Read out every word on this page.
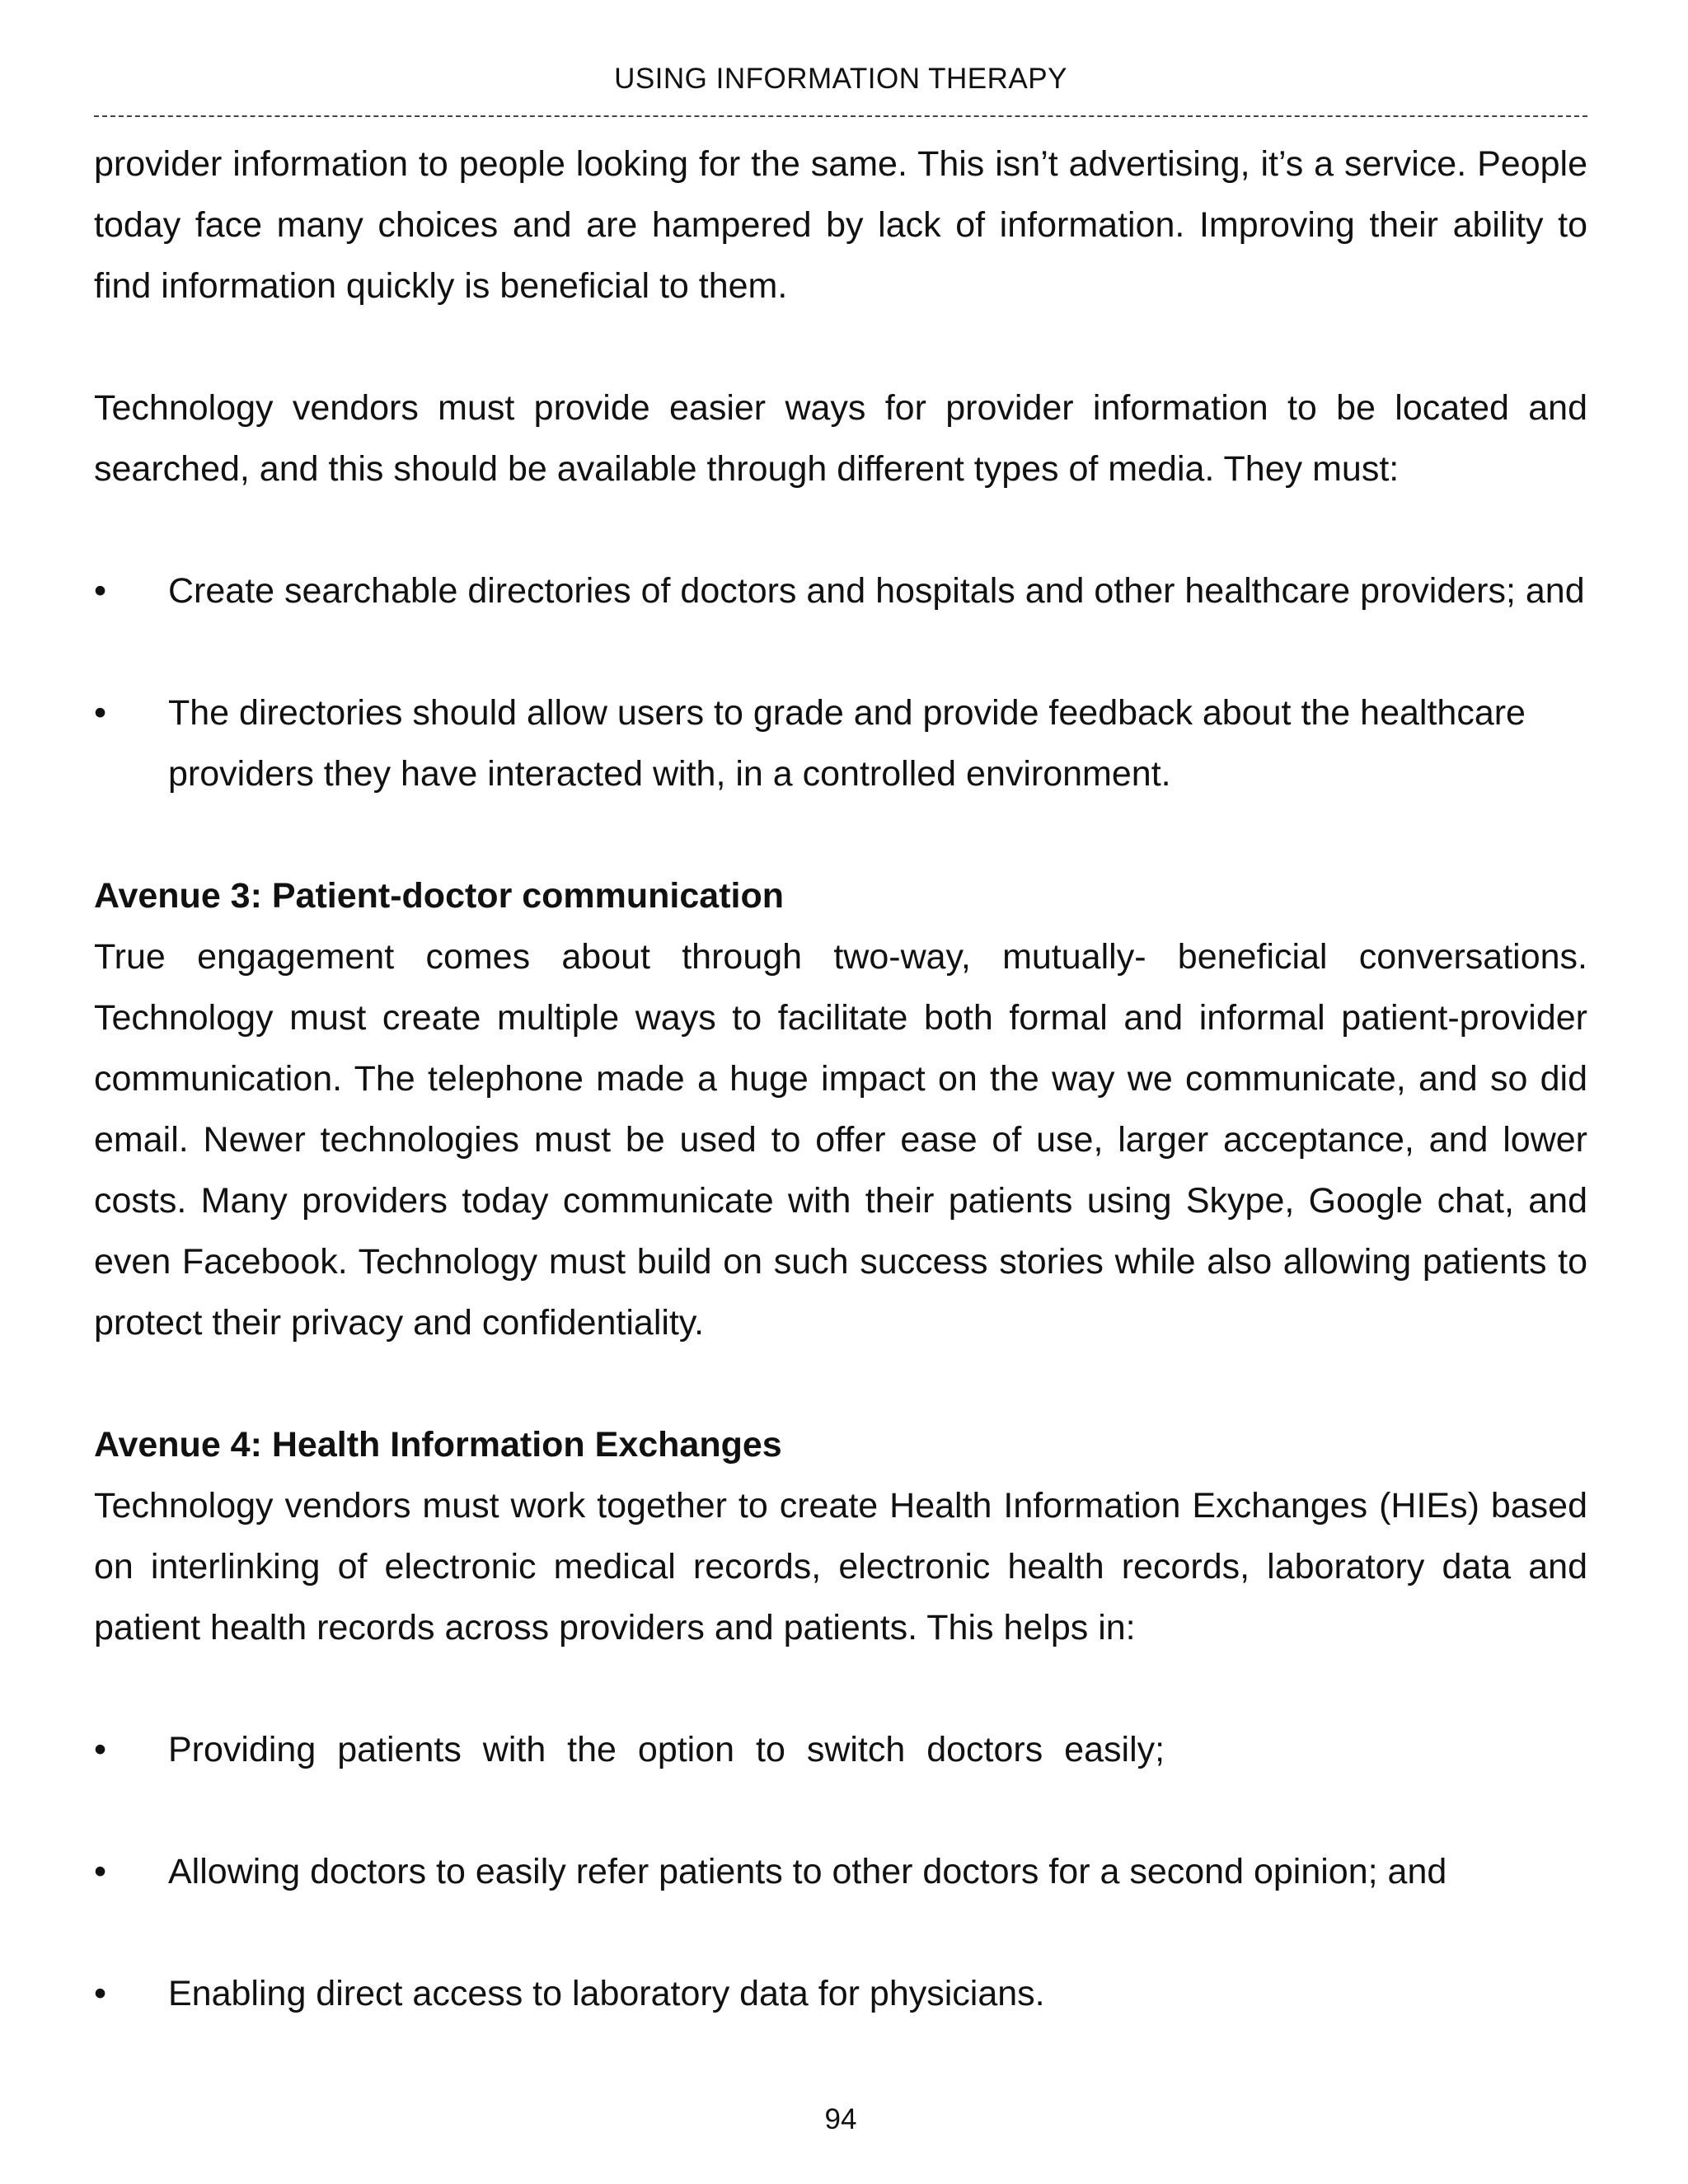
USING INFORMATION THERAPY

provider information to people looking for the same. This isn’t advertising, it’s a service. People today face many choices and are hampered by lack of information. Improving their ability to find information quickly is beneficial to them.

Technology vendors must provide easier ways for provider information to be located and searched, and this should be available through different types of media. They must:

•	Create searchable directories of doctors and hospitals and other healthcare providers; and
•	The directories should allow users to grade and provide feedback about the healthcare providers they have interacted with, in a controlled environment.

Avenue 3: Patient-doctor communication

True engagement comes about through two-way, mutually- beneficial conversations. Technology must create multiple ways to facilitate both formal and informal patient-provider communication. The telephone made a huge impact on the way we communicate, and so did email. Newer technologies must be used to offer ease of use, larger acceptance, and lower costs. Many providers today communicate with their patients using Skype, Google chat, and even Facebook. Technology must build on such success stories while also allowing patients to protect their privacy and confidentiality.

Avenue 4: Health Information Exchanges

Technology vendors must work together to create Health Information Exchanges (HIEs) based on interlinking of electronic medical records, electronic health records, laboratory data and patient health records across providers and patients. This helps in:

•	Providing patients with the option to switch doctors easily;
•	Allowing doctors to easily refer patients to other doctors for a second opinion; and
•	Enabling direct access to laboratory data for physicians.
94
